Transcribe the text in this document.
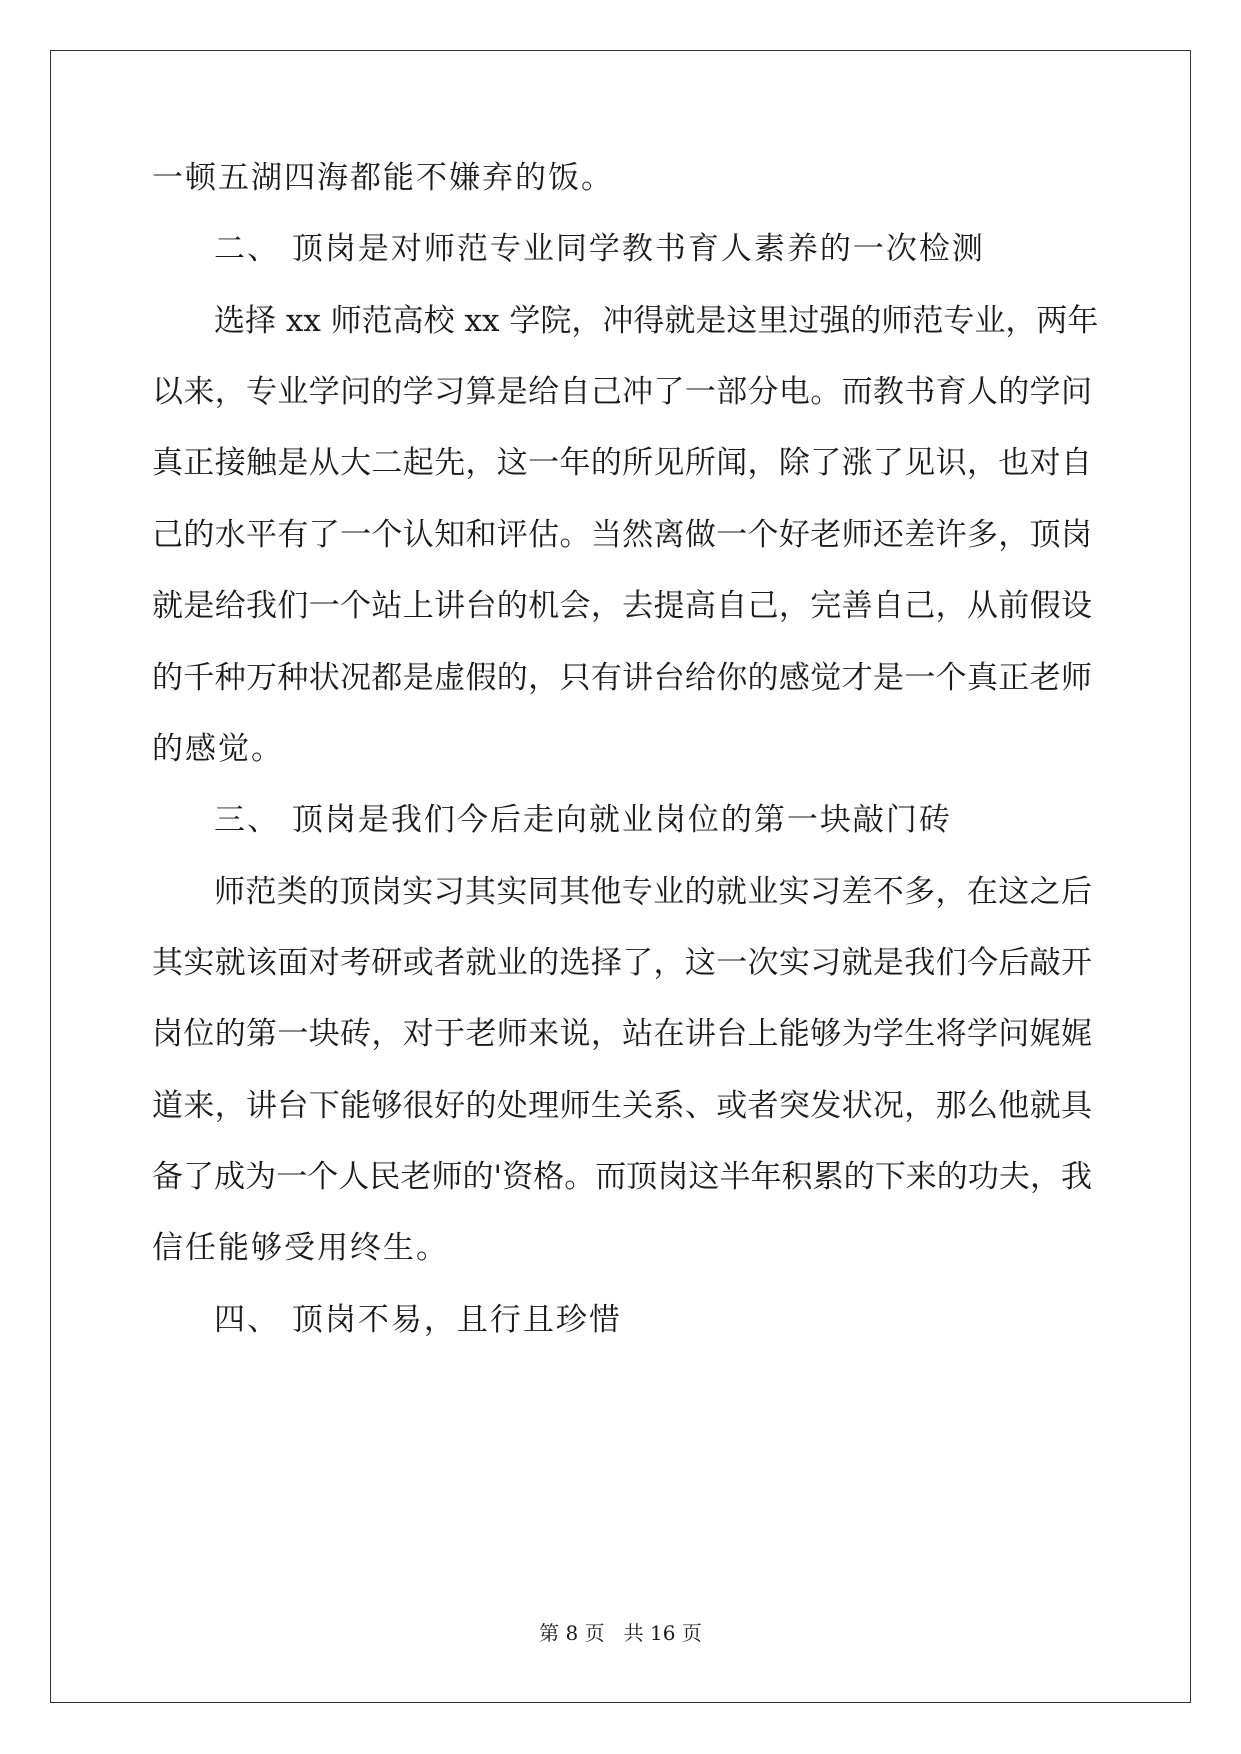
一顿五湖四海都能不嫌弃的饭。
二、 顶岗是对师范专业同学教书育人素养的一次检测
选择 xx 师范高校 xx 学院，冲得就是这里过强的师范专业，两年
以来，专业学问的学习算是给自己冲了一部分电。而教书育人的学问
真正接触是从大二起先，这一年的所见所闻，除了涨了见识，也对自
己的水平有了一个认知和评估。当然离做一个好老师还差许多，顶岗
就是给我们一个站上讲台的机会，去提高自己，完善自己，从前假设
的千种万种状况都是虚假的，只有讲台给你的感觉才是一个真正老师
的感觉。
三、 顶岗是我们今后走向就业岗位的第一块敲门砖
师范类的顶岗实习其实同其他专业的就业实习差不多，在这之后
其实就该面对考研或者就业的选择了，这一次实习就是我们今后敲开
岗位的第一块砖，对于老师来说，站在讲台上能够为学生将学问娓娓
道来，讲台下能够很好的处理师生关系、或者突发状况，那么他就具
备了成为一个人民老师的'资格。而顶岗这半年积累的下来的功夫，我
信任能够受用终生。
四、 顶岗不易，且行且珍惜
第 8 页   共 16 页
